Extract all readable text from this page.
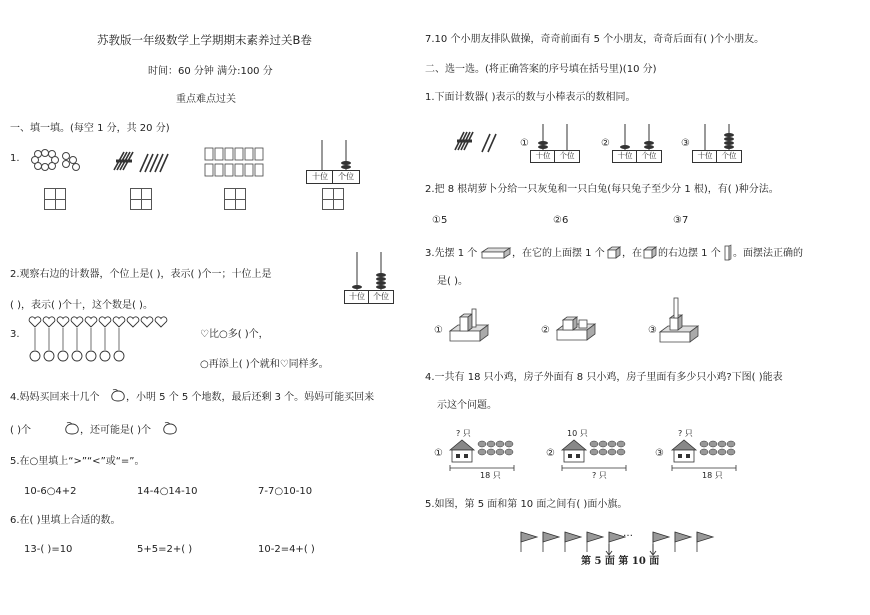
苏教版一年级数学上学期期末素养过关B卷
时间：60 分钟 满分:100 分
重点难点过关
一、填一填。(每空 1 分，共 20 分)
1.
十位	个位
2.观察右边的计数器，个位上是( )，表示( )个一；十位上是
( )，表示( )个十，这个数是( )。
十位	个位
3.	♡比○多( )个，
○再添上( )个就和♡同样多。
4.妈妈买回来十几个	，小明 5 个 5 个地数，最后还剩 3 个。妈妈可能买回来
( )个	，还可能是( )个
5.在○里填上“>”“<”或“=”。
10-6○4+2	14-4○14-10	7-7○10-10
6.在( )里填上合适的数。
13-( )=10	5+5=2+( )	10-2=4+( )
7.10 个小朋友排队做操，奇奇前面有 5 个小朋友，奇奇后面有( )个小朋友。
二、选一选。(将正确答案的序号填在括号里)(10 分)
1.下面计数器( )表示的数与小棒表示的数相同。
①
十位	个位
②
十位	个位
③
十位	个位
2.把 8 根胡萝卜分给一只灰兔和一只白兔(每只兔子至少分 1 根)，有( )种分法。
①5	②6	③7
3.先摆 1 个	，在它的上面摆 1 个 ，在 的右边摆 1 个 。面摆法正确的
是( )。
①	②	③
4.一共有 18 只小鸡，房子外面有 8 只小鸡，房子里面有多少只小鸡?下图( )能表
示这个问题。
①
? 只
18 只
②
10 只
? 只
③
? 只
18 只
5.如图，第 5 面和第 10 面之间有( )面小旗。
…
第 5 面 第 10 面
